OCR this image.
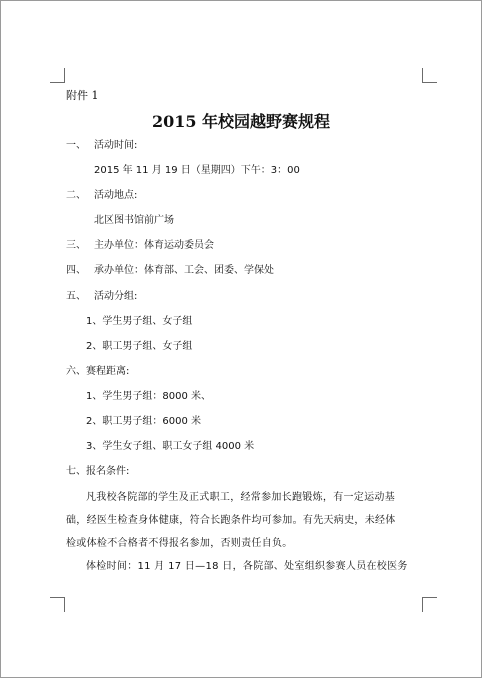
附件 1
2015 年校园越野赛规程
一、 活动时间:
2015 年 11 月 19 日（星期四）下午：3：00
二、 活动地点:
北区图书馆前广场
三、 主办单位：体育运动委员会
四、 承办单位：体育部、工会、团委、学保处
五、 活动分组:
1、学生男子组、女子组
2、职工男子组、女子组
六、赛程距离:
1、学生男子组：8000 米、
2、职工男子组：6000 米
3、学生女子组、职工女子组 4000 米
七、报名条件:
凡我校各院部的学生及正式职工，经常参加长跑锻炼，有一定运动基
础，经医生检查身体健康，符合长跑条件均可参加。有先天病史，未经体
检或体检不合格者不得报名参加，否则责任自负。
体检时间：11 月 17 日—18 日，各院部、处室组织参赛人员在校医务
